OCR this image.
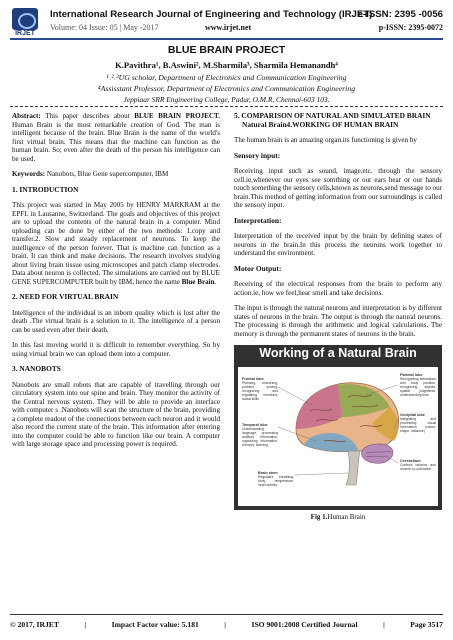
IRJET
International Research Journal of Engineering and Technology (IRJET)
e-ISSN: 2395 -0056
Volume: 04 Issue: 05 | May -2017	www.irjet.net	p-ISSN: 2395-0072
BLUE BRAIN PROJECT
K.Pavithra¹, B.Aswini², M.Sharmila³, Sharmila Hemanandh⁴
¹˒²˒³UG scholar, Department of Electronics and Communication Engineering
⁴Assisstant Professor, Department of Electronics and Communication Engineering
Jeppiaar SRR Engineering College, Padur, O.M.R, Chennai-603 103.

Abstract: This paper describes about BLUE BRAIN PROJECT. Human Brain is the most remarkable creation of God. The man is intelligent because of the brain. Blue Brain is the name of the world's first virtual brain. This means that the machine can function as the human brain. So; even after the death of the person his intelligence can be used.

Keywords: Nanobots, Blue Gene supercomputer, IBM

1. INTRODUCTION

This project was started in May 2005 by HENRY MARKRAM at the EPFL in Lausanne, Switzerland. The goals and objectives of this project are to upload the contents of the natural brain in a computer. Mind uploading can be done by either of the two methods: 1.copy and transfer.2. Slow and steady replacement of neurons. To keep the intelligence of the person forever. That is machine can function as a brain. It can think and make decisions. The research involves studying about living brain tissue using microscopes and patch clamp electrodes. Data about neuron is collected. The simulations are carried out by BLUE GENE SUPERCOMPUTER built by IBM, hence the name Blue Brain.

2. NEED FOR VIRTUAL BRAIN

Intelligence of the individual is an inborn quality which is lost after the death .The virtual brain is a solution to it. The intelligence of a person can be used even after their death.

In this fast moving world it is difficult to remember everything. So by using virtual brain we can upload them into a computer.

3. NANOBOTS

Nanobots are small robots that are capable of travelling through our circulatory system into our spine and brain. They monitor the activity of the Central nervous system. They will be able to provide an interface with computer s .Nanobots will scan the structure of the brain, providing a complete readout of the connections between each neuron and it would also record the current state of the brain. This information after entering into the computer could be able to function like our brain. A computer with large storage space and processing power is required.

5. COMPARISON OF NATURAL AND SIMULATED BRAIN
Natural Brain4.WORKING OF HUMAN BRAIN

The human brain is an amazing organ.its functioning is given by

Sensory input:

Receiving input such as sound, image,etc. through the sensory cell.ie,whenever our eyes see somthing or our ears hear or our hands touch something the sensory cells,known as neurons,send message to our brain.This method of getting information from our surroundings is called the sensory input.

Interpretation:

Interpretation of the received input by the brain by defining states of neurons in the brain.In this process the neurons work together to understand the environment.

Motor Output:

Receiving of the electrical responses from the brain to perform any action.ie, how we feel,hear smell and take decisions.

The input is through the natural neurons and interpretation is by different states of neurons in the brain. The output is through the natural neurons. The processing is through the arithmetic and logical calculations. The memory is through the permanent states of neurons in the brain.

Working of a Natural Brain
Frontal lobe
Planning, reasoning, problem solving, recognizing and regulating emotions, social skills
Temporal lobe
Understanding language, processing auditory information, organizing information, memory, learning
Brain stem
Regulates breathing, body temperature, heart activity
Parietal lobe
Recognizing sensations and body position, recognizing objects, spatial judgments, understanding time
Occipital lobe
Integrating and processing visual information (colour, shape, distance)
Cerebellum
Controls balance and muscle co-ordination
Fig 1.Human Brain
© 2017, IRJET	|	Impact Factor value: 5.181	|	ISO 9001:2008 Certified Journal	|	Page 3517
